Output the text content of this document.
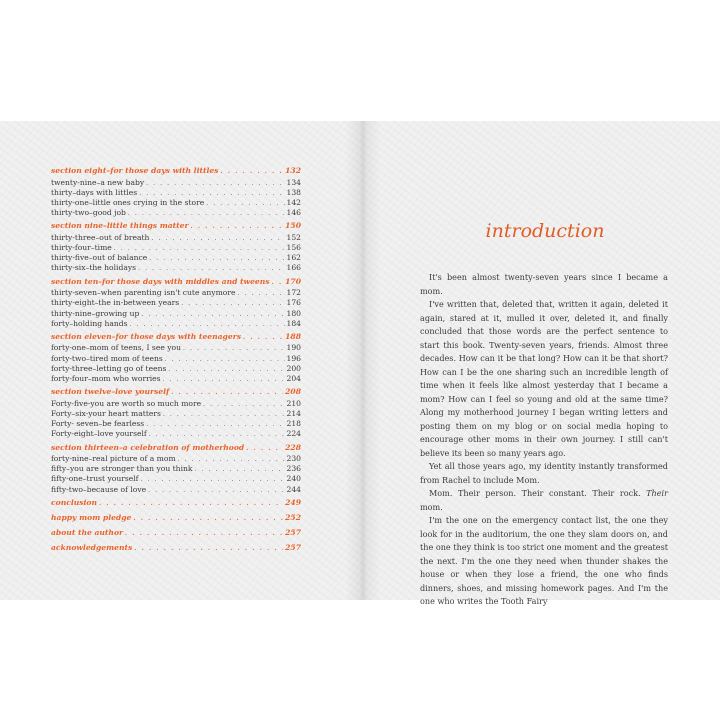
section eight–for those days with littles . . .	132
twenty-nine–a new baby . . .	134
thirty–days with littles . . .	138
thirty-one–little ones crying in the store . . .	142
thirty-two–good job . . .	146
section nine–little things matter . . .	150
thirty-three–out of breath . . .	152
thirty-four–time . . .	156
thirty-five–out of balance . . .	162
thirty-six–the holidays . . .	166
section ten–for those days with middles and tweens . . . 170
thirty-seven–when parenting isn't cute anymore . . .	172
thirty-eight–the in-between years . . .	176
thirty-nine–growing up . . .	180
forty–holding hands . . .	184
section eleven–for those days with teenagers . . .	188
forty-one–mom of teens, I see you . . .	190
forty-two–tired mom of teens . . .	196
forty-three–letting go of teens . . .	200
forty-four–mom who worries . . .	204
section twelve–love yourself . . .	208
Forty-five-you are worth so much more . . .	210
Forty–six-your heart matters . . .	214
Forty- seven–be fearless . . .	218
Forty-eight–love yourself . . .	224
section thirteen–a celebration of motherhood . . .	228
forty-nine–real picture of a mom . . .	230
fifty–you are stronger than you think . . .	236
fifty-one–trust yourself . . .	240
fifty-two–because of love . . .	244
conclusion . . .	249
happy mom pledge . . .	252
about the author . . .	257
acknowledgements . . .	257
introduction

It's been almost twenty-seven years since I became a mom.

I've written that, deleted that, written it again, deleted it again, stared at it, mulled it over, deleted it, and finally concluded that those words are the perfect sentence to start this book. Twenty-seven years, friends. Almost three decades. How can it be that long? How can it be that short? How can I be the one sharing such an incredible length of time when it feels like almost yesterday that I became a mom? How can I feel so young and old at the same time? Along my motherhood journey I began writing letters and posting them on my blog or on social media hoping to encourage other moms in their own journey. I still can't believe its been so many years ago.

Yet all those years ago, my identity instantly transformed from Rachel to include Mom.

Mom. Their person. Their constant. Their rock. Their mom.

I'm the one on the emergency contact list, the one they look for in the auditorium, the one they slam doors on, and the one they think is too strict one moment and the greatest the next. I'm the one they need when thunder shakes the house or when they lose a friend, the one who finds dinners, shoes, and missing homework pages. And I'm the one who writes the Tooth Fairy
